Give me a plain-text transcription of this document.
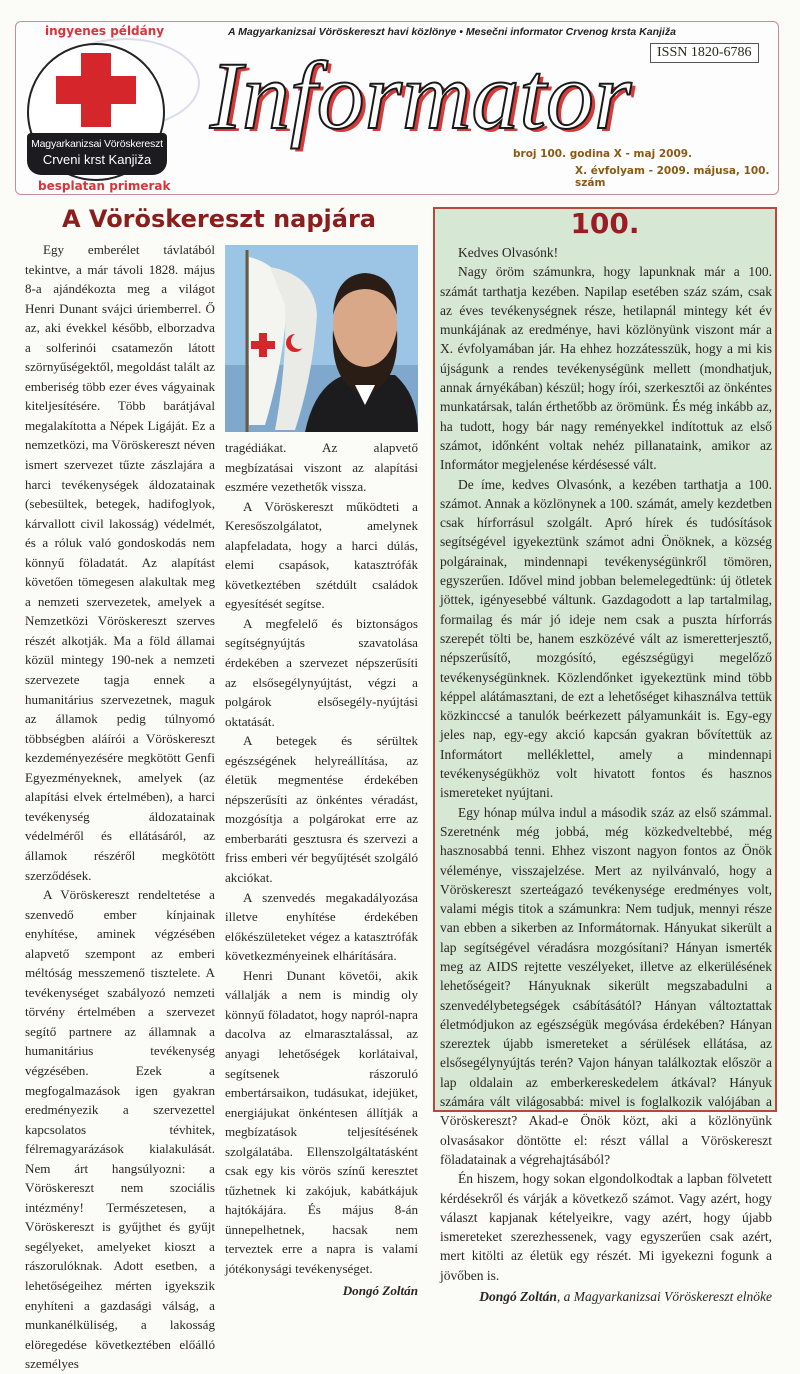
ingyenes példány
Magyarkanizsai Vöröskereszt
Crveni krst Kanjiža
besplatan primerak
A Magyarkanizsai Vöröskereszt havi közlönye • Mesečni informator Crvenog krsta Kanjiža
Informator	ISSN 1820-6786
broj 100. godina X - maj 2009.
X. évfolyam - 2009. májusa, 100. szám
A Vöröskereszt napjára

Egy emberélet távlatából tekintve, a már távoli 1828. május 8-a ajándékozta meg a világot Henri Dunant svájci úriemberrel. Ő az, aki évekkel később, elborzadva a solferinói csatamezőn látott szörnyűségektől, megoldást talált az emberiség több ezer éves vágyainak kiteljesítésére. Több barátjával megalakította a Népek Ligáját. Ez a nemzetközi, ma Vöröskereszt néven ismert szervezet tűzte zászlajára a harci tevékenységek áldozatainak (sebesültek, betegek, hadifoglyok, kárvallott civil lakosság) védelmét, és a róluk való gondoskodás nem könnyű föladatát. Az alapítást követően tömegesen alakultak meg a nemzeti szervezetek, amelyek a Nemzetközi Vöröskereszt szerves részét alkotják. Ma a föld államai közül mintegy 190-nek a nemzeti szervezete tagja ennek a humanitárius szervezetnek, maguk az államok pedig túlnyomó többségben aláírói a Vöröskereszt kezdeményezésére megkötött Genfi Egyezményeknek, amelyek (az alapítási elvek értelmében), a harci tevékenység áldozatainak védelméről és ellátásáról, az államok részéről megkötött szerződések.

A Vöröskereszt rendeltetése a szenvedő ember kínjainak enyhítése, aminek végzésében alapvető szempont az emberi méltóság messzemenő tisztelete. A tevékenységet szabályozó nemzeti törvény értelmében a szervezet segítő partnere az államnak a humanitárius tevékenység végzésében. Ezek a megfogalmazások igen gyakran eredményezik a szervezettel kapcsolatos tévhitek, félremagyarázások kialakulását. Nem árt hangsúlyozni: a Vöröskereszt nem szociális intézmény! Természetesen, a Vöröskereszt is gyűjthet és gyűjt segélyeket, amelyeket kioszt a rászorulóknak. Adott esetben, a lehetőségeihez mérten igyekszik enyhíteni a gazdasági válság, a munkanélküliség, a lakosság elöregedése következtében előálló személyes

tragédiákat. Az alapvető megbízatásai viszont az alapítási eszmére vezethetők vissza.

A Vöröskereszt működteti a Keresőszolgálatot, amelynek alapfeladata, hogy a harci dúlás, elemi csapások, katasztrófák következtében szétdúlt családok egyesítését segítse.

A megfelelő és biztonságos segítségnyújtás szavatolása érdekében a szervezet népszerűsíti az elsősegélynyújtást, végzi a polgárok elsősegély-nyújtási oktatását.

A betegek és sérültek egészségének helyreállítása, az életük megmentése érdekében népszerűsíti az önkéntes véradást, mozgósítja a polgárokat erre az emberbaráti gesztusra és szervezi a friss emberi vér begyűjtését szolgáló akciókat.

A szenvedés megakadályozása illetve enyhítése érdekében előkészületeket végez a katasztrófák következményeinek elhárítására.

Henri Dunant követői, akik vállalják a nem is mindig oly könnyű föladatot, hogy napról-napra dacolva az elmarasztalással, az anyagi lehetőségek korlátaival, segítsenek rászoruló embertársaikon, tudásukat, idejüket, energiájukat önkéntesen állítják a megbízatások teljesítésének szolgálatába. Ellenszolgáltatásként csak egy kis vörös színű keresztet tűzhetnek ki zakójuk, kabátkájuk hajtókájára. És május 8-án ünnepelhetnek, hacsak nem terveztek erre a napra is valami jótékonysági tevékenységet.

Dongó Zoltán
100.

Kedves Olvasónk!

Nagy öröm számunkra, hogy lapunknak már a 100. számát tarthatja kezében. Napilap esetében száz szám, csak az éves tevékenységnek része, hetilapnál mintegy két év munkájának az eredménye, havi közlönyünk viszont már a X. évfolyamában jár. Ha ehhez hozzátesszük, hogy a mi kis újságunk a rendes tevékenységünk mellett (mondhatjuk, annak árnyékában) készül; hogy írói, szerkesztői az önkéntes munkatársak, talán érthetőbb az örömünk. És még inkább az, ha tudott, hogy bár nagy reményekkel indítottuk az első számot, időnként voltak nehéz pillanataink, amikor az Informátor megjelenése kérdésessé vált.

De íme, kedves Olvasónk, a kezében tarthatja a 100. számot. Annak a közlönynek a 100. számát, amely kezdetben csak hírforrásul szolgált. Apró hírek és tudósítások segítségével igyekeztünk számot adni Önöknek, a község polgárainak, mindennapi tevékenységünkről tömören, egyszerűen. Idővel mind jobban belemelegedtünk: új ötletek jöttek, igényesebbé váltunk. Gazdagodott a lap tartalmilag, formailag és már jó ideje nem csak a puszta hírforrás szerepét tölti be, hanem eszközévé vált az ismeretterjesztő, népszerűsítő, mozgósító, egészségügyi megelőző tevékenységünknek. Közlendőnket igyekeztünk mind több képpel alátámasztani, de ezt a lehetőséget kihasználva tettük közkinccsé a tanulók beérkezett pályamunkáit is. Egy-egy jeles nap, egy-egy akció kapcsán gyakran bővítettük az Informátort melléklettel, amely a mindennapi tevékenységükhöz volt hivatott fontos és hasznos ismereteket nyújtani.

Egy hónap múlva indul a második száz az első számmal. Szeretnénk még jobbá, még közkedveltebbé, még hasznosabbá tenni. Ehhez viszont nagyon fontos az Önök véleménye, visszajelzése. Mert az nyilvánvaló, hogy a Vöröskereszt szerteágazó tevékenysége eredményes volt, valami mégis titok a számunkra: Nem tudjuk, mennyi része van ebben a sikerben az Informátornak. Hányukat sikerült a lap segítségével véradásra mozgósítani? Hányan ismerték meg az AIDS rejtette veszélyeket, illetve az elkerülésének lehetőségeit? Hányuknak sikerült megszabadulni a szenvedélybetegségek csábításától? Hányan változtattak életmódjukon az egészségük megóvása érdekében? Hányan szereztek újabb ismereteket a sérülések ellátása, az elsősegélynyújtás terén? Vajon hányan találkoztak először a lap oldalain az emberkereskedelem átkával? Hányuk számára vált világosabbá: mivel is foglalkozik valójában a Vöröskereszt? Akad-e Önök közt, aki a közlönyünk olvasásakor döntötte el: részt vállal a Vöröskereszt föladatainak a végrehajtásából?

Én hiszem, hogy sokan elgondolkodtak a lapban fölvetett kérdésekről és várják a következő számot. Vagy azért, hogy választ kapjanak kételyeikre, vagy azért, hogy újabb ismereteket szerezhessenek, vagy egyszerűen csak azért, mert kitölti az életük egy részét. Mi igyekezni fogunk a jövőben is.

Dongó Zoltán, a Magyarkanizsai Vöröskereszt elnöke
